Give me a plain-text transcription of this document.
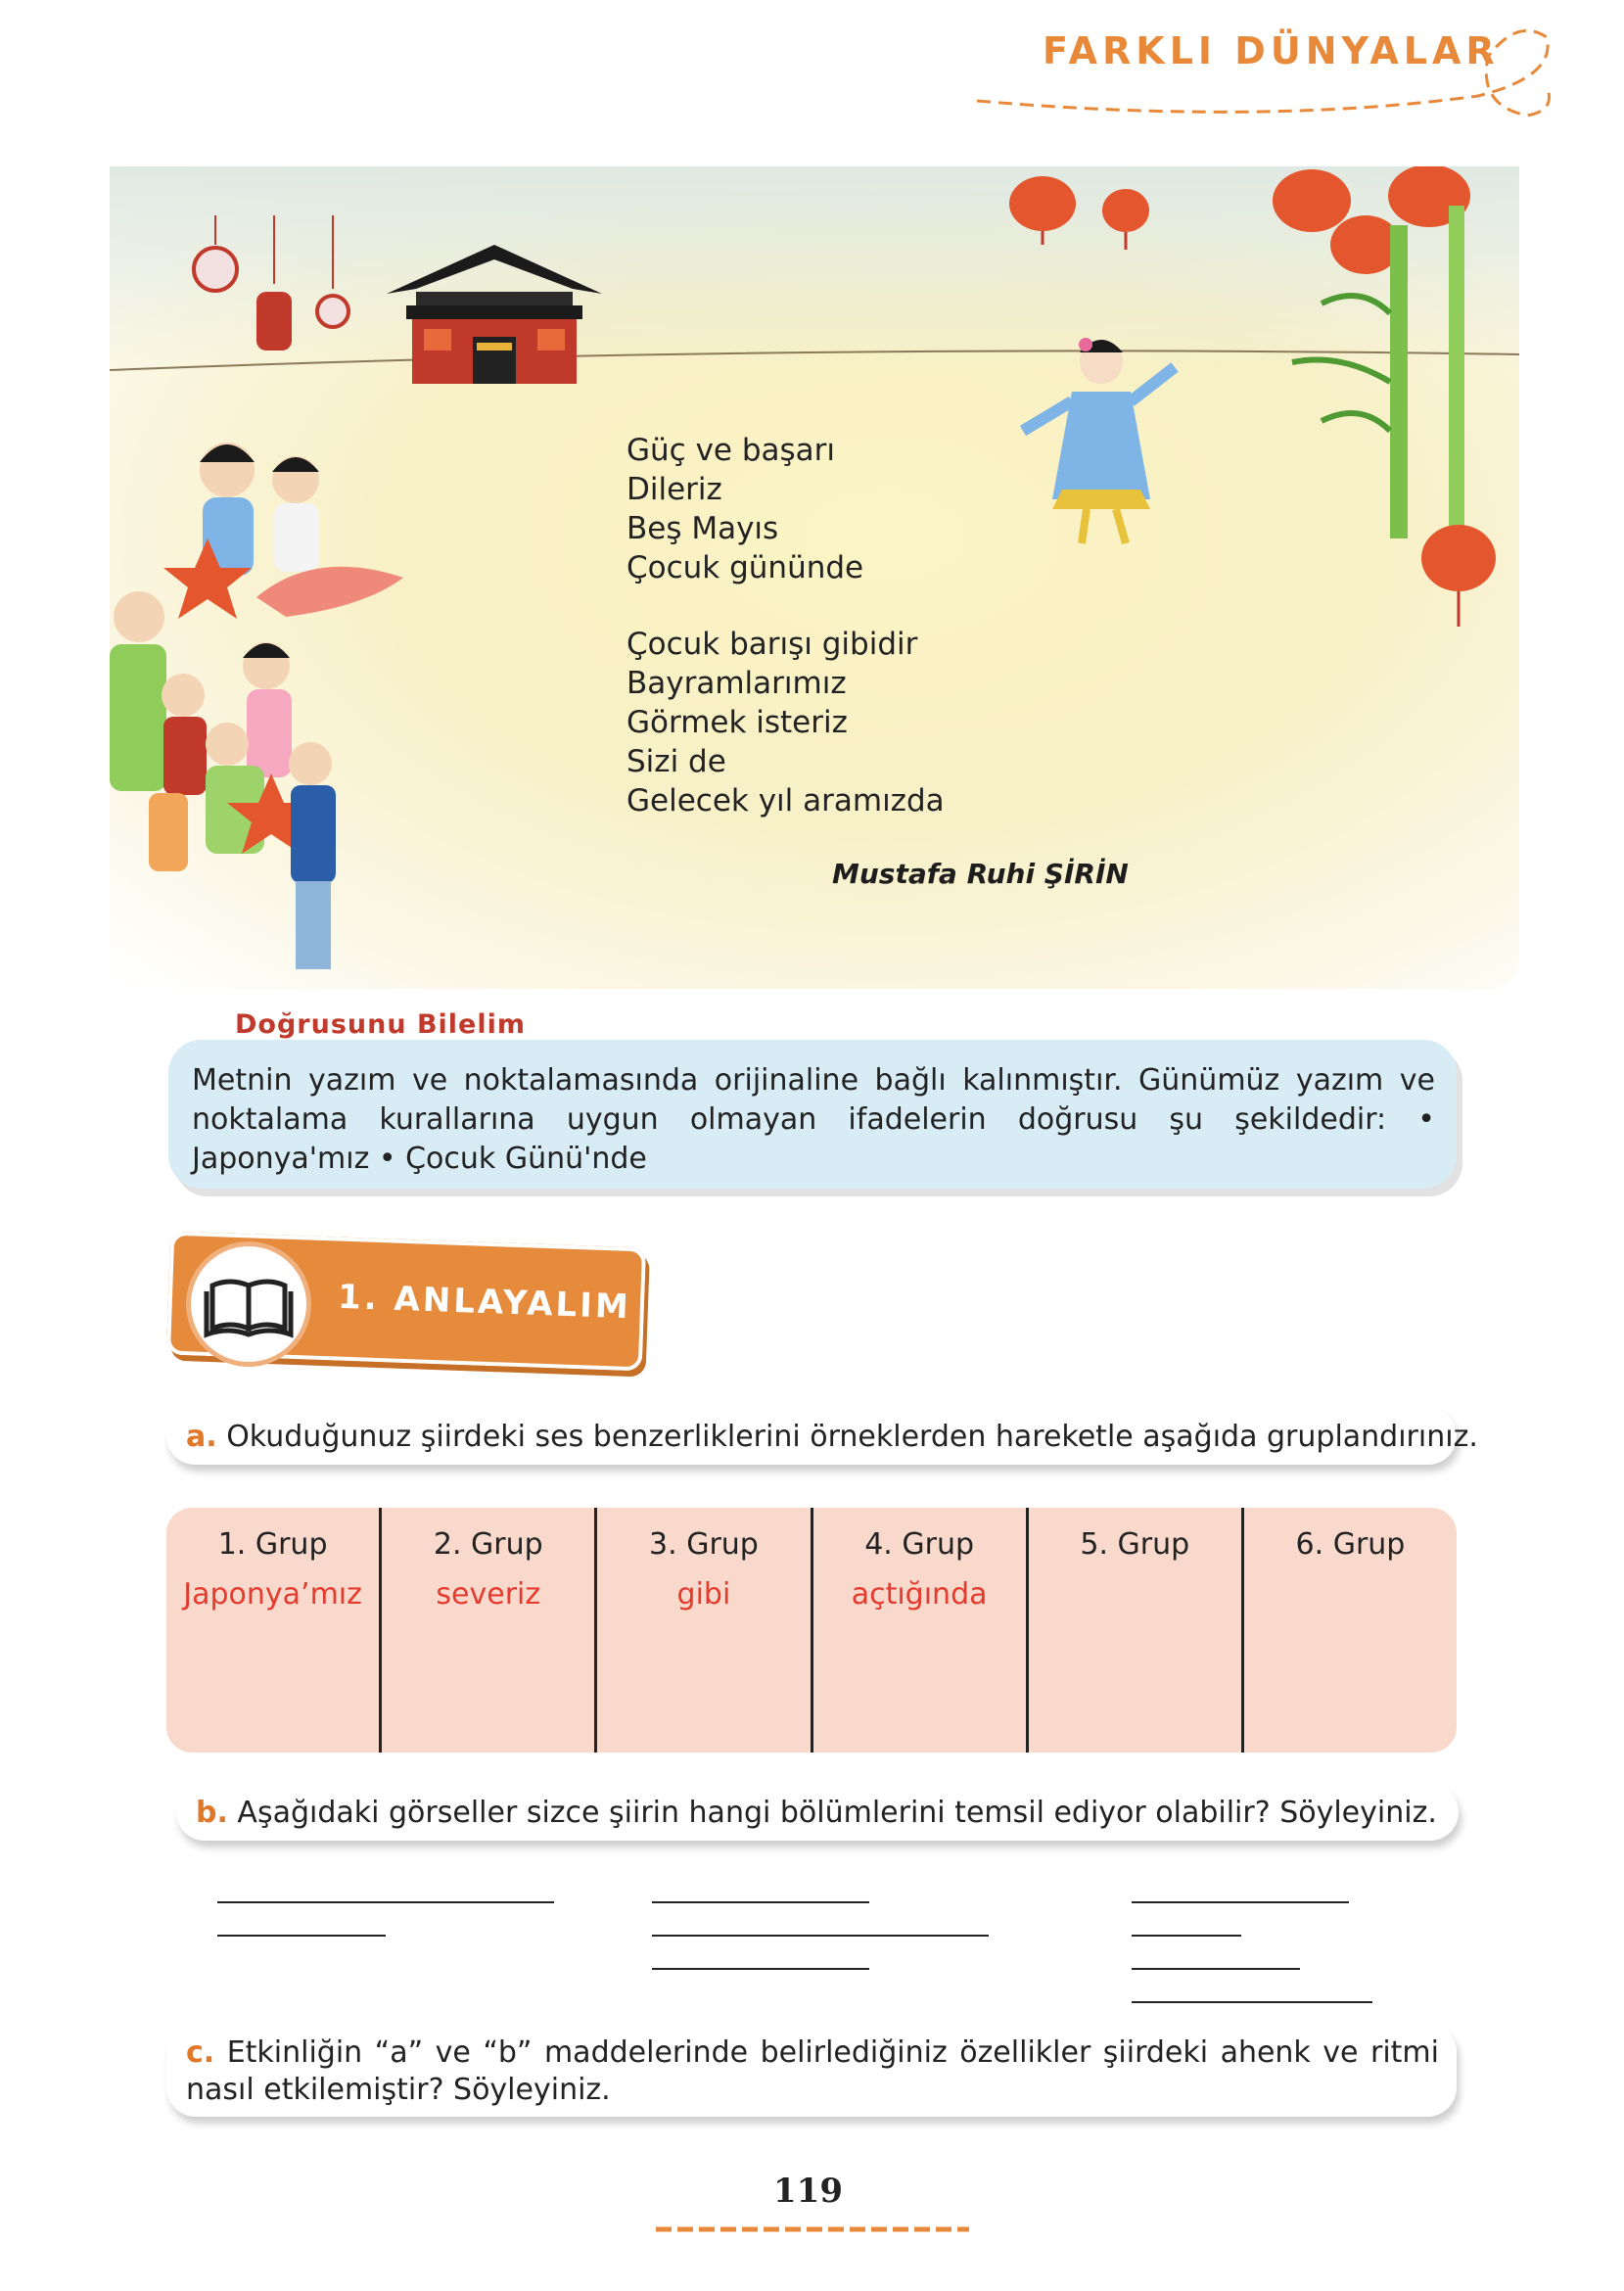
FARKLI DÜNYALAR
Güç ve başarı
Dileriz
Beş Mayıs
Çocuk gününde
Çocuk barışı gibidir
Bayramlarımız
Görmek isteriz
Sizi de
Gelecek yıl aramızda
Mustafa Ruhi ŞİRİN
Doğrusunu Bilelim
Metnin yazım ve noktalamasında orijinaline bağlı kalınmıştır. Günümüz yazım ve noktalama kurallarına uygun olmayan ifadelerin doğrusu şu şekildedir: • Japonya'mız • Çocuk Günü'nde
1. ANLAYALIM
a. Okuduğunuz şiirdeki ses benzerliklerini örneklerden hareketle aşağıda gruplandırınız.
1. Grup
Japonya’mız
2. Grup
severiz
3. Grup
gibi
4. Grup
açtığında
5. Grup	6. Grup
b. Aşağıdaki görseller sizce şiirin hangi bölümlerini temsil ediyor olabilir? Söyleyiniz.
c. Etkinliğin “a” ve “b” maddelerinde belirlediğiniz özellikler şiirdeki ahenk ve ritmi nasıl etkilemiştir? Söyleyiniz.
119
